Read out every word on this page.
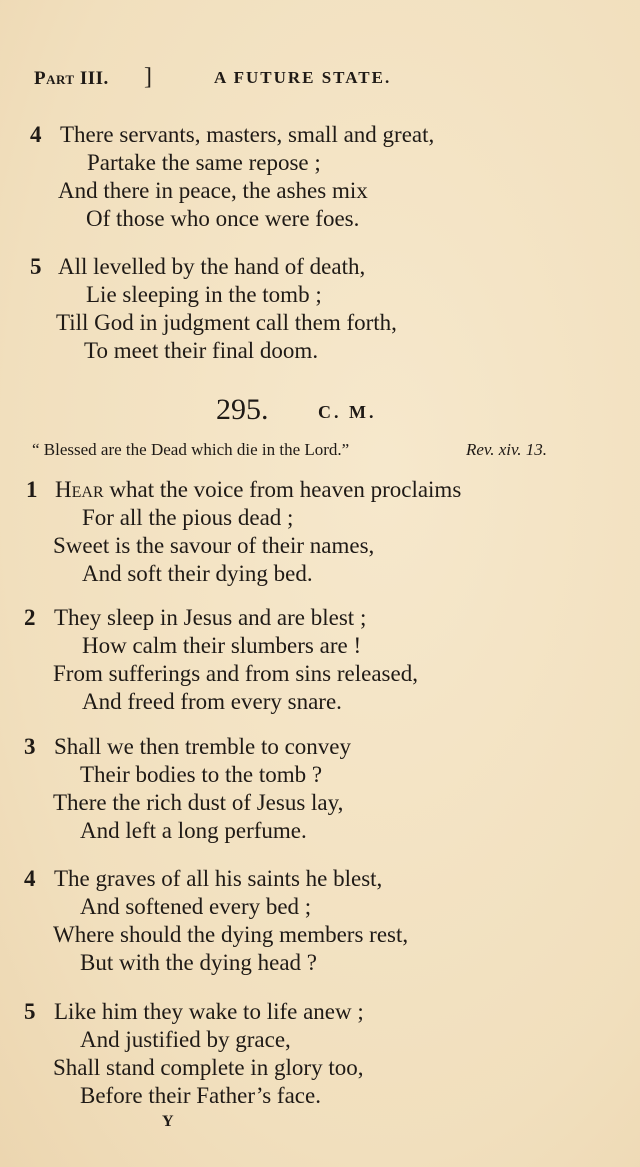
Part III. ]	A FUTURE STATE.
4 There servants, masters, small and great,
Partake the same repose ;
And there in peace, the ashes mix
Of those who once were foes.
5 All levelled by the hand of death,
Lie sleeping in the tomb ;
Till God in judgment call them forth,
To meet their final doom.
295.	C. M.
“ Blessed are the Dead which die in the Lord.”	Rev. xiv. 13.
1 Hear what the voice from heaven proclaims
For all the pious dead ;
Sweet is the savour of their names,
And soft their dying bed.
2 They sleep in Jesus and are blest ;
How calm their slumbers are !
From sufferings and from sins released,
And freed from every snare.
3 Shall we then tremble to convey
Their bodies to the tomb ?
There the rich dust of Jesus lay,
And left a long perfume.
4 The graves of all his saints he blest,
And softened every bed ;
Where should the dying members rest,
But with the dying head ?
5 Like him they wake to life anew ;
And justified by grace,
Shall stand complete in glory too,
Before their Father’s face.
Y
